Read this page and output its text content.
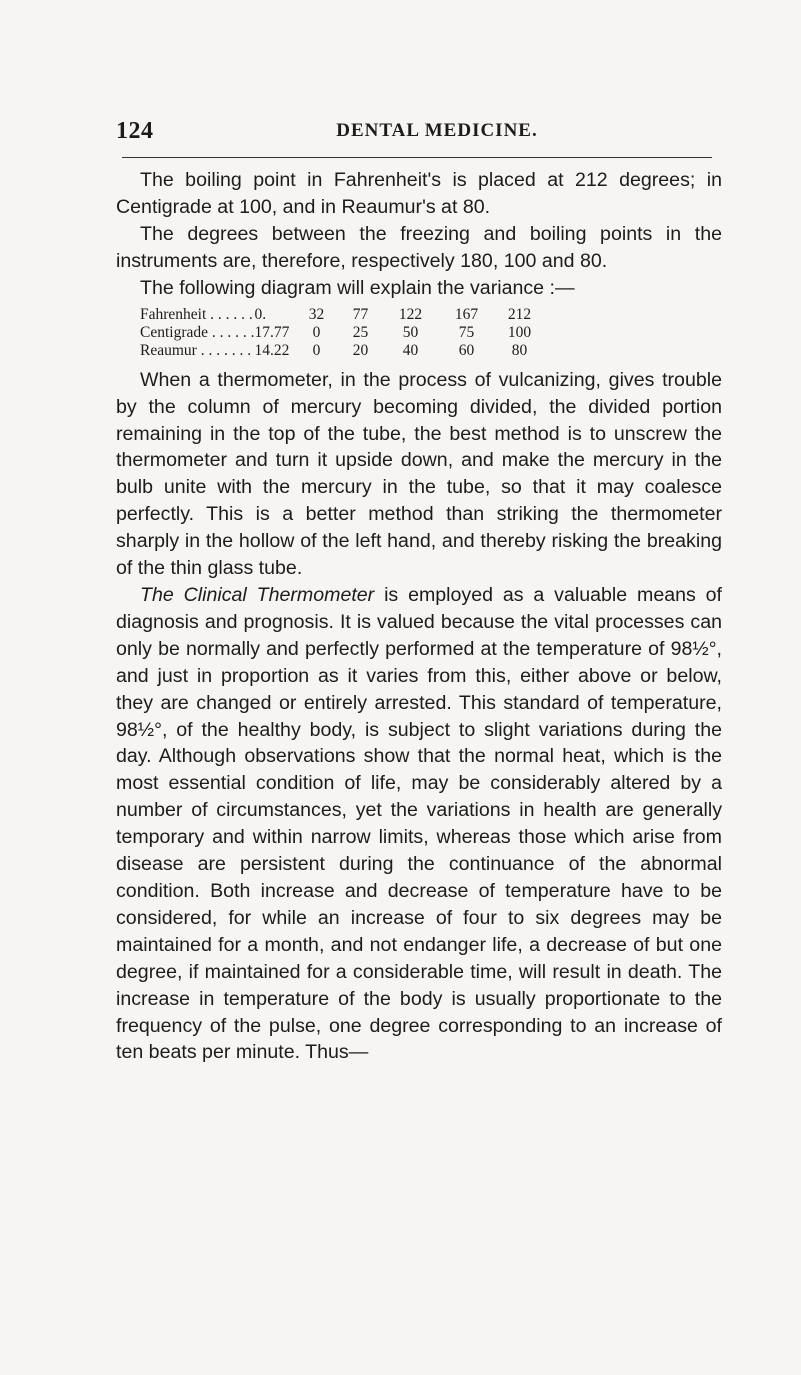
124	DENTAL MEDICINE.

The boiling point in Fahrenheit's is placed at 212 degrees; in Centigrade at 100, and in Reaumur's at 80.

The degrees between the freezing and boiling points in the instruments are, therefore, respectively 180, 100 and 80.

The following diagram will explain the variance :—

Fahrenheit . . . . . .	0.	32	77	122	167	212
Centigrade . . . . . .	17.77	0	25	50	75	100
Reaumur . . . . . . .	14.22	0	20	40	60	80

When a thermometer, in the process of vulcanizing, gives trouble by the column of mercury becoming divided, the divided portion remaining in the top of the tube, the best method is to unscrew the thermometer and turn it upside down, and make the mercury in the bulb unite with the mercury in the tube, so that it may coalesce perfectly. This is a better method than striking the thermometer sharply in the hollow of the left hand, and thereby risking the breaking of the thin glass tube.

The Clinical Thermometer is employed as a valuable means of diagnosis and prognosis. It is valued because the vital processes can only be normally and perfectly performed at the temperature of 98½°, and just in proportion as it varies from this, either above or below, they are changed or entirely arrested. This standard of temperature, 98½°, of the healthy body, is subject to slight variations during the day. Although observations show that the normal heat, which is the most essential condition of life, may be considerably altered by a number of circumstances, yet the variations in health are generally temporary and within narrow limits, whereas those which arise from disease are persistent during the continuance of the abnormal condition. Both increase and decrease of temperature have to be considered, for while an increase of four to six degrees may be maintained for a month, and not endanger life, a decrease of but one degree, if maintained for a considerable time, will result in death. The increase in temperature of the body is usually proportionate to the frequency of the pulse, one degree corresponding to an increase of ten beats per minute. Thus—
